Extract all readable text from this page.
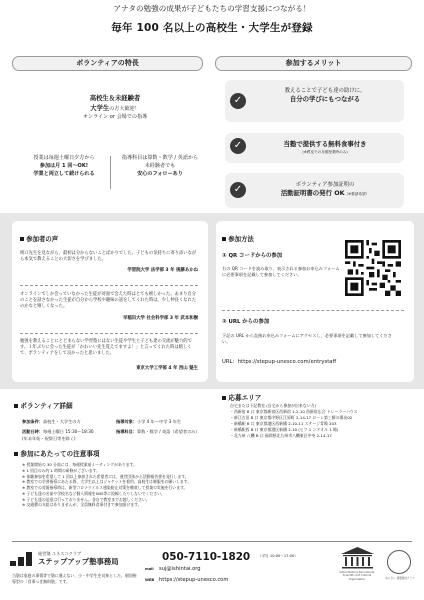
アナタの勉強の成果が子どもたちの学習支援につながる！
毎年 100 名以上の高校生・大学生が登録
ボランティアの特長
高校生＆未経験者
大学生の方大歓迎！
オンライン or 会場での指導
授業は毎週土曜日夕方から
参加は月 1 回〜OK!
学業と両立して続けられる
指導科目は算数・数学 / 英語から
未経験者でも
安心のフォローあり
参加するメリット
✓
✓
✓
教えることで子ども達の助けに。
自分の学びにもつながる
当塾で提供する無料食事付き
(※教室での対面授業時のみ)
ボランティア参加証明の
活動証明書の発行 OK（※要請希望）
参加者の声
則口先生を見ながら、最初は分からないことばかりでした。子どもの気持ちに寄り添いながら本気で教えることの大切さを学びました。
学習院大学 法学部 3 年 後藤あかね
オンラインでしか会っていなかった生徒が対面で会えた時はとても嬉しかった。あまり自分のことを話さなかった生徒が自分から学校や趣味の話をしてくれた時は、少し仲良くなれたのかなと嬉しくなった。
早稲田大学 社会科学部 3 年 武本和樹
勉強を教えることにとどまらない学習塾にはない生徒や学生と子ども達の交流が魅力的です。１年ぶりに会った生徒が「かわいい先生覚えてますよ！」と言ってくれた時は嬉しくて、ボランティアをして良かったと思いました。
東京大学工学部 4 年 西山 魁生
参加方法
① QR コードからの参加
右の QR コードを読み取り、表示される参加お申込みフォームに必要事項を記載して参加してください。
② URL からの参加
下記の URL から直接お申込みフォームにアクセスし、必要事項を記載して参加してください。
URL：https://stepup-unesco.com/entrystaff
ボランティア詳細
参加条件：高校生・大学生の方	指導対象：小学 4 年〜中学 3 年生
活動日時：毎週土曜日 15:30〜18:30
(年末年始・祝祭日等を除く)
指導科目：算数・数学 / 英語（希望者のみ）
応募エリア
自宅または下記教室 (自宅から参加が出来ない方)
・西新宿 B 口 東京都新宿区西新宿 1-2-10 西新宿広合 トレーラーハウス
・新江古田 B 口 東京都中野区江原町 2-14-17 ローレ第三勝の場出02
・新橋駅 B 口 東京都港区西新橋 2-10-11 ステージ青場 203
・新橋駅西 B 口 東京都港区新橋 2-10 (ヒツ 1 ンドオル 1 場)
・北九州 八幡 B 口 福岡県北九州市八幡東区中央 2-14-17
参加にあたっての注意事項
※ 授業開始の 30 分前には、毎週授業前ミーティングがあります。
※ 1 回目のみ約 1 時間の研修がございます。
※ 体験参加を希望して 1 回以上参加された希望者には、運営団体から活動報告書を発行します。
※ 教室での学習指導にあたる際、大学生以上はジャケットを着用、高校生は制服をお願いします。
※ 教室での対面指導時は、新型コロナウイルス感染防止対策を徹底して授業の実施を行います。
※ 子ども達の名前や学校名など個人情報をSNS等に投稿したりしないでください。
※ 子ども達の送迎は行っておりません。各自で教室までお越しください。
※ 交通費の支給はありませんが、全員無料食事付きで参加頂けます。
経営塾 ユネスコクラブ
ステップアップ塾事務局
当塾は家庭の事情等で塾に通えない、小・中学生を対象とした、個別指導型の「食事つき無料塾」です。
050-7110-1820 （平日 10:00〜17:00）
mail suj@ishintai.org
WEB https://stepup-unesco.com
United Nations Educational, Scientific and Cultural Organization	ゆにさい 連盟推奨クラブ
